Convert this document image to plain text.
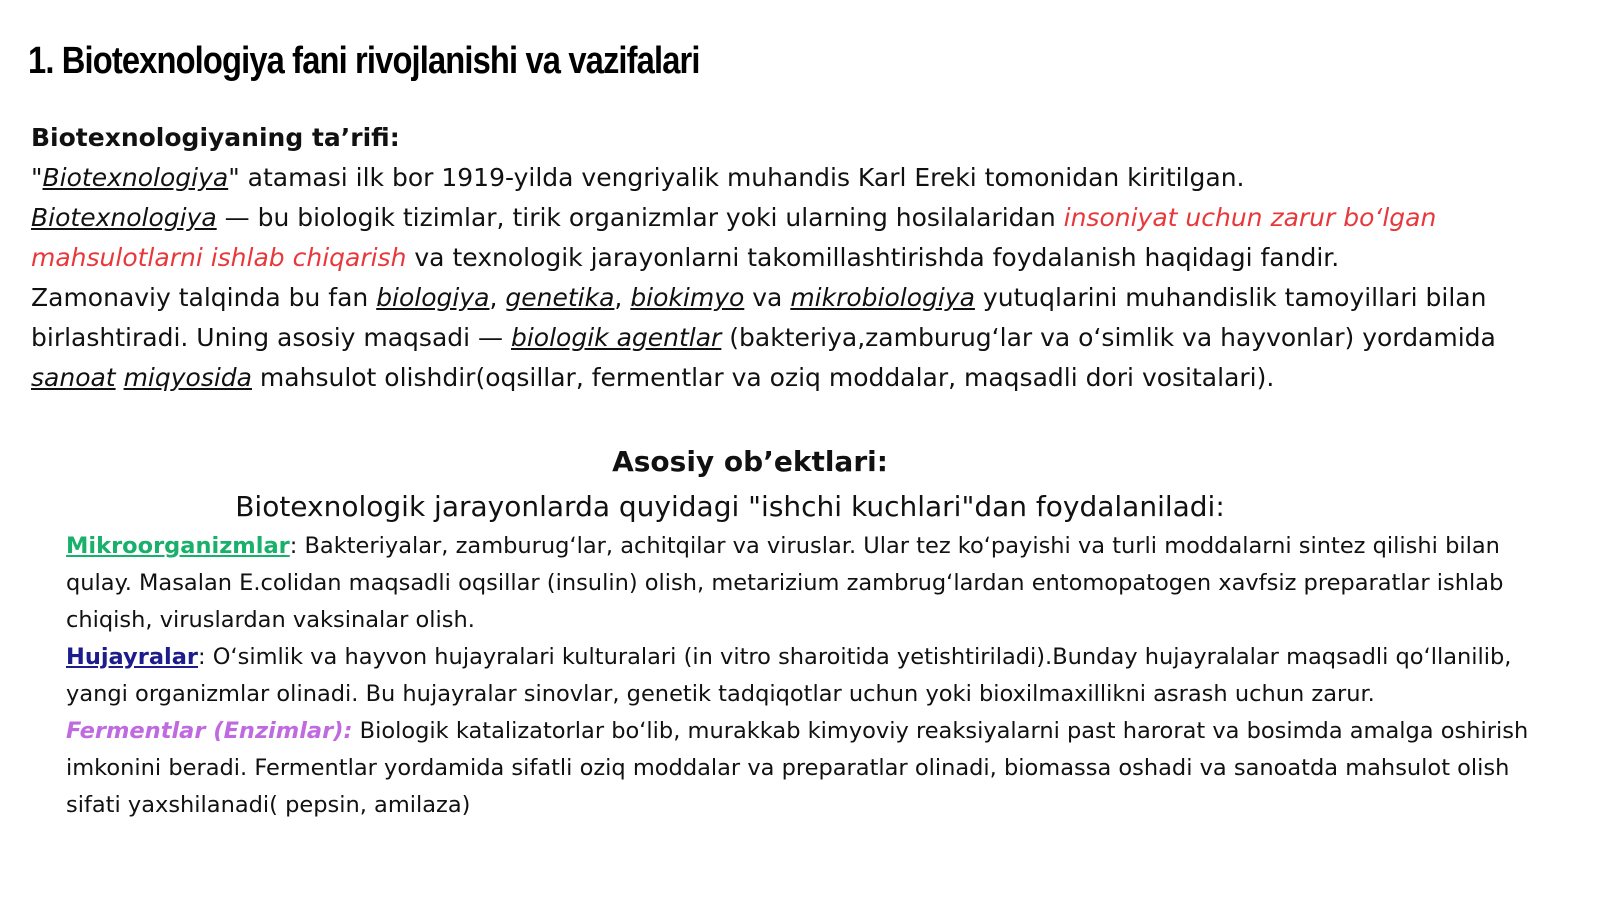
1. Biotexnologiya fani rivojlanishi va vazifalari
Biotexnologiyaning ta’rifi:

"Biotexnologiya" atamasi ilk bor 1919-yilda vengriyalik muhandis Karl Ereki tomonidan kiritilgan.

Biotexnologiya — bu biologik tizimlar, tirik organizmlar yoki ularning hosilalaridan insoniyat uchun zarur boʻlgan mahsulotlarni ishlab chiqarish va texnologik jarayonlarni takomillashtirishda foydalanish haqidagi fandir.

Zamonaviy talqinda bu fan biologiya, genetika, biokimyo va mikrobiologiya yutuqlarini muhandislik tamoyillari bilan birlashtiradi. Uning asosiy maqsadi — biologik agentlar (bakteriya,zamburugʻlar va oʻsimlik va hayvonlar) yordamida sanoat miqyosida mahsulot olishdir(oqsillar, fermentlar va oziq moddalar, maqsadli dori vositalari).

Asosiy ob’ektlari:

Biotexnologik jarayonlarda quyidagi "ishchi kuchlari"dan foydalaniladi:

Mikroorganizmlar: Bakteriyalar, zamburugʻlar, achitqilar va viruslar. Ular tez koʻpayishi va turli moddalarni sintez qilishi bilan qulay. Masalan E.colidan maqsadli oqsillar (insulin) olish, metarizium zambrugʻlardan entomopatogen xavfsiz preparatlar ishlab chiqish, viruslardan vaksinalar olish.

Hujayralar: Oʻsimlik va hayvon hujayralari kulturalari (in vitro sharoitida yetishtiriladi).Bunday hujayralalar maqsadli qoʻllanilib, yangi organizmlar olinadi. Bu hujayralar sinovlar, genetik tadqiqotlar uchun yoki bioxilmaxillikni asrash uchun zarur.

Fermentlar (Enzimlar): Biologik katalizatorlar boʻlib, murakkab kimyoviy reaksiyalarni past harorat va bosimda amalga oshirish imkonini beradi. Fermentlar yordamida sifatli oziq moddalar va preparatlar olinadi, biomassa oshadi va sanoatda mahsulot olish sifati yaxshilanadi( pepsin, amilaza)
